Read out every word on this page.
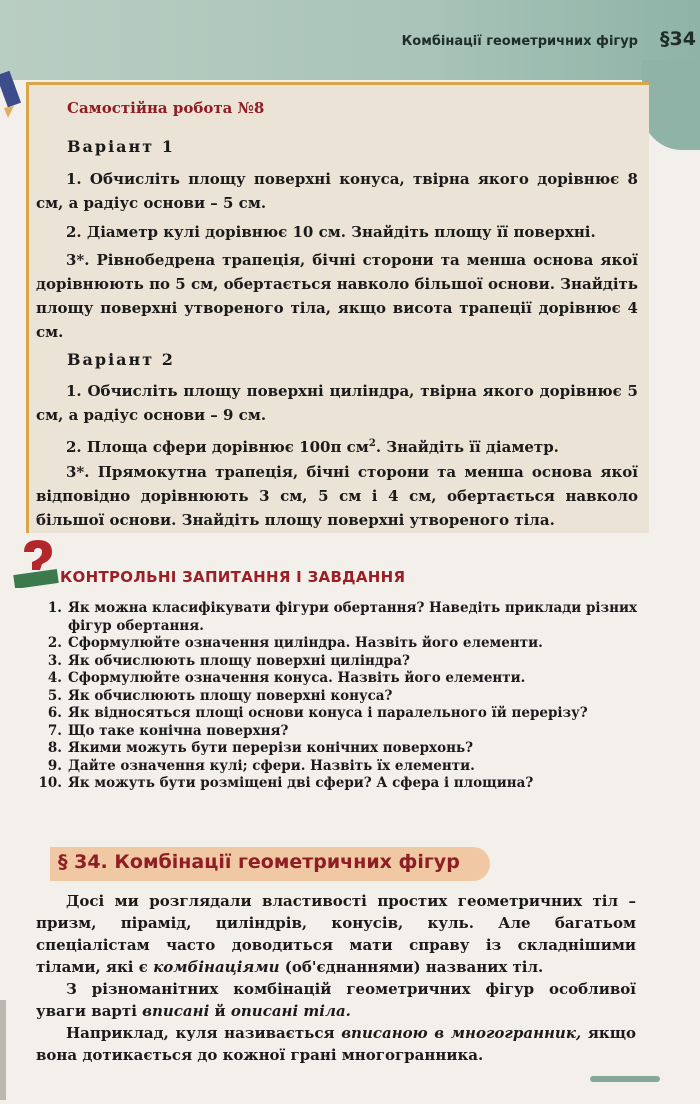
Комбінації геометричних фігур §34
Самостійна робота №8
Варіант 1

1. Обчисліть площу поверхні конуса, твірна якого дорівнює 8 см, а радіус основи – 5 см.

2. Діаметр кулі дорівнює 10 см. Знайдіть площу її поверхні.

3*. Рівнобедрена трапеція, бічні сторони та менша основа якої дорівнюють по 5 см, обертається навколо більшої основи. Знайдіть площу поверхні утвореного тіла, якщо висота трапеції дорівнює 4 см.

Варіант 2

1. Обчисліть площу поверхні циліндра, твірна якого дорівнює 5 см, а радіус основи – 9 см.

2. Площа сфери дорівнює 100π $см^2$. Знайдіть її діаметр.

3*. Прямокутна трапеція, бічні сторони та менша основа якої відповідно дорівнюють 3 см, 5 см і 4 см, обертається навколо більшої основи. Знайдіть площу поверхні утвореного тіла.

КОНТРОЛЬНІ ЗАПИТАННЯ І ЗАВДАННЯ
1. Як можна класифікувати фігури обертання? Наведіть приклади різних фігур обертання.
2. Сформулюйте означення циліндра. Назвіть його елементи.
3. Як обчислюють площу поверхні циліндра?
4. Сформулюйте означення конуса. Назвіть його елементи.
5. Як обчислюють площу поверхні конуса?
6. Як відносяться площі основи конуса і паралельного їй перерізу?
7. Що таке конічна поверхня?
8. Якими можуть бути перерізи конічних поверхонь?
9. Дайте означення кулі; сфери. Назвіть їх елементи.
10. Як можуть бути розміщені дві сфери? А сфера і площина?
§ 34. Комбінації геометричних фігур

Досі ми розглядали властивості простих геометричних тіл – призм, пірамід, циліндрів, конусів, куль. Але багатьом спеціалістам часто доводиться мати справу із складнішими тілами, які є комбінаціями (об'єднаннями) названих тіл.

З різноманітних комбінацій геометричних фігур особливої уваги варті вписані й описані тіла.

Наприклад, куля називається вписаною в многогранник, якщо вона дотикається до кожної грані многогранника.
